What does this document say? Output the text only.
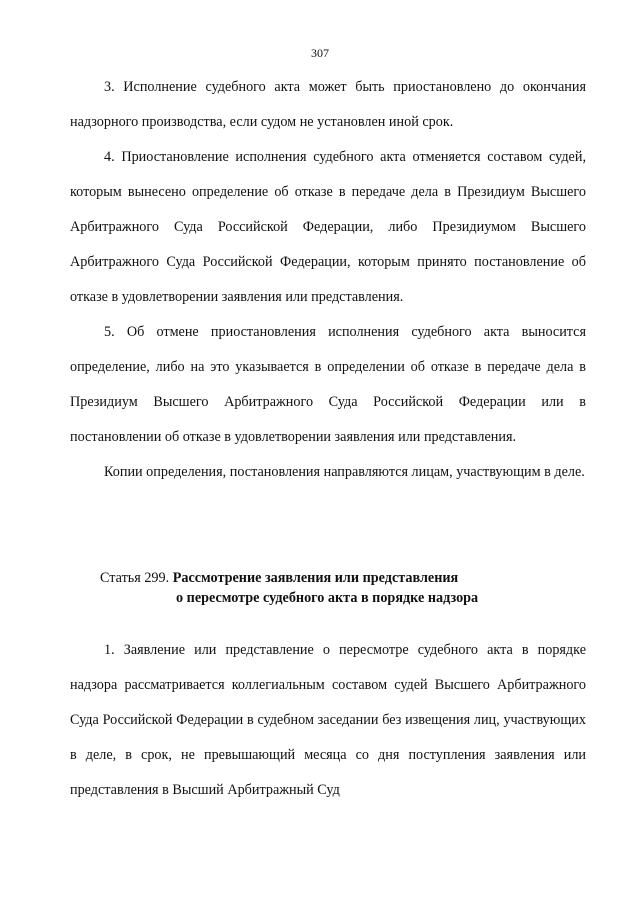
307

3. Исполнение судебного акта может быть приостановлено до окончания надзорного производства, если судом не установлен иной срок.

4. Приостановление исполнения судебного акта отменяется составом судей, которым вынесено определение об отказе в передаче дела в Президиум Высшего Арбитражного Суда Российской Федерации, либо Президиумом Высшего Арбитражного Суда Российской Федерации, которым принято постановление об отказе в удовлетворении заявления или представления.

5. Об отмене приостановления исполнения судебного акта выносится определение, либо на это указывается в определении об отказе в передаче дела в Президиум Высшего Арбитражного Суда Российской Федерации или в постановлении об отказе в удовлетворении заявления или представления.

Копии определения, постановления направляются лицам, участвующим в деле.

Статья 299. Рассмотрение заявления или представления
о пересмотре судебного акта в порядке надзора

1. Заявление или представление о пересмотре судебного акта в порядке надзора рассматривается коллегиальным составом судей Высшего Арбитражного Суда Российской Федерации в судебном заседании без извещения лиц, участвующих в деле, в срок, не превышающий месяца со дня поступления заявления или представления в Высший Арбитражный Суд
